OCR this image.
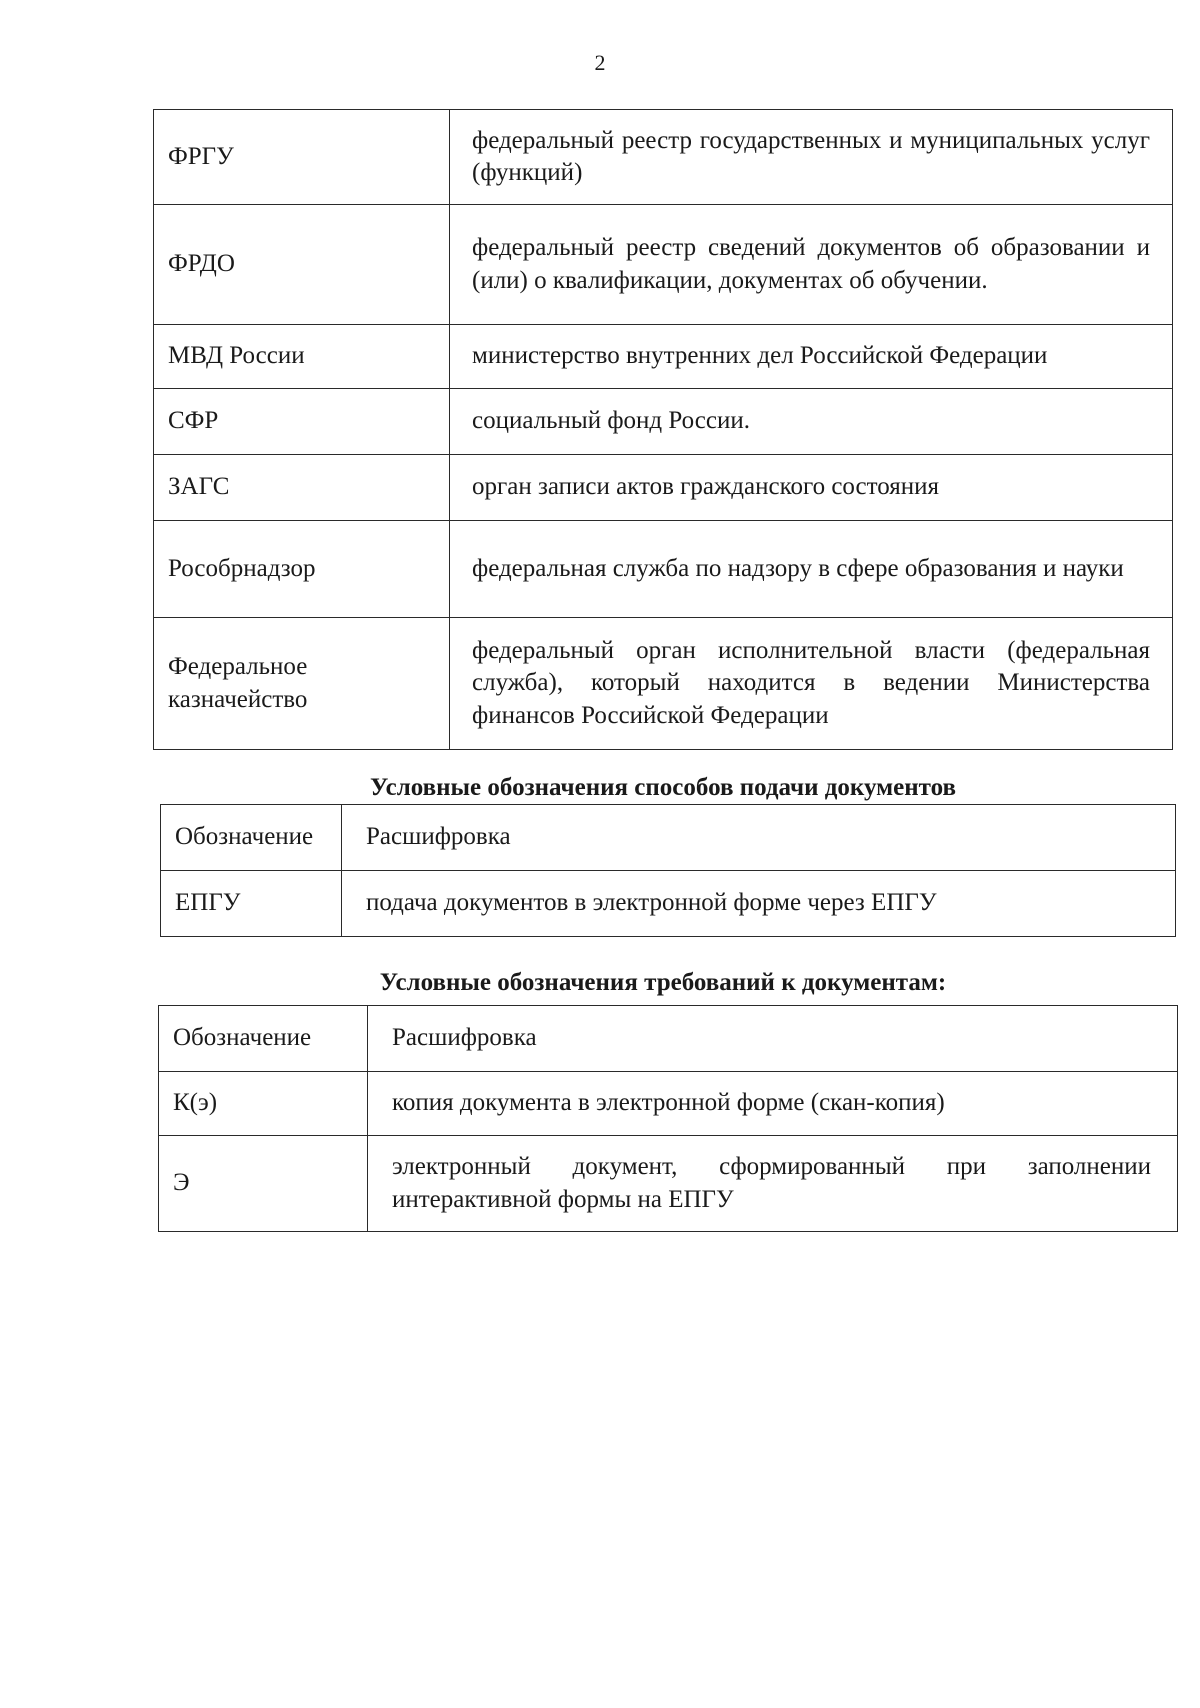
2
ФРГУ	федеральный реестр государственных и муниципальных услуг (функций)
ФРДО	федеральный реестр сведений документов об образовании и (или) о квалификации, документах об обучении.
МВД России	министерство внутренних дел Российской Федерации
СФР	социальный фонд России.
ЗАГС	орган записи актов гражданского состояния
Рособрнадзор	федеральная служба по надзору в сфере образования и науки
Федеральное казначейство	федеральный орган исполнительной власти (федеральная служба), который находится в ведении Министерства финансов Российской Федерации
Условные обозначения способов подачи документов
Обозначение	Расшифровка
ЕПГУ	подача документов в электронной форме через ЕПГУ
Условные обозначения требований к документам:
Обозначение	Расшифровка
К(э)	копия документа в электронной форме (скан-копия)
Э	электронный документ, сформированный при заполнении интерактивной формы на ЕПГУ
